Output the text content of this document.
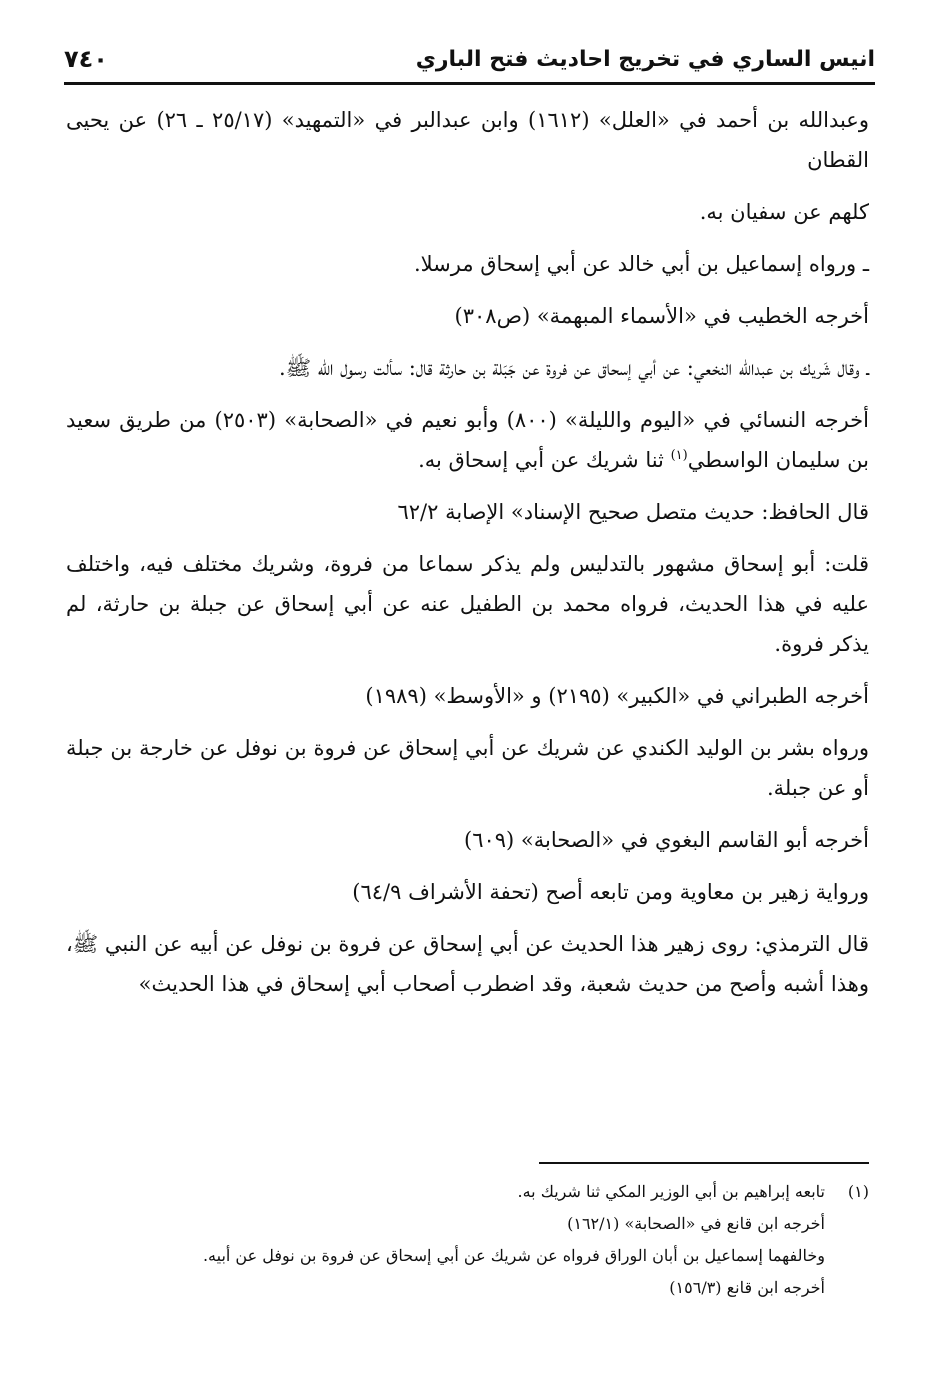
انيس الساري في تخريج احاديث فتح الباري
٧٤٠

وعبدالله بن أحمد في «العلل» (١٦١٢) وابن عبدالبر في «التمهيد» (٢٥/١٧ ـ ٢٦) عن يحيى القطان

كلهم عن سفيان به.

ـ ورواه إسماعيل بن أبي خالد عن أبي إسحاق مرسلا.

أخرجه الخطيب في «الأسماء المبهمة» (ص٣٠٨)

ـ وقال شَريك بن عبدالله النخعي: عن أبي إسحاق عن فروة عن جَبَلة بن حارثة قال: سألت رسول الله ﷺ.

أخرجه النسائي في «اليوم والليلة» (٨٠٠) وأبو نعيم في «الصحابة» (٢٥٠٣) من طريق سعيد بن سليمان الواسطي$^{(١)}$ ثنا شريك عن أبي إسحاق به.

قال الحافظ: حديث متصل صحيح الإسناد» الإصابة ٦٢/٢

قلت: أبو إسحاق مشهور بالتدليس ولم يذكر سماعا من فروة، وشريك مختلف فيه، واختلف عليه في هذا الحديث، فرواه محمد بن الطفيل عنه عن أبي إسحاق عن جبلة بن حارثة، لم يذكر فروة.

أخرجه الطبراني في «الكبير» (٢١٩٥) و «الأوسط» (١٩٨٩)

ورواه بشر بن الوليد الكندي عن شريك عن أبي إسحاق عن فروة بن نوفل عن خارجة بن جبلة أو عن جبلة.

أخرجه أبو القاسم البغوي في «الصحابة» (٦٠٩)

ورواية زهير بن معاوية ومن تابعه أصح (تحفة الأشراف ٦٤/٩)

قال الترمذي: روى زهير هذا الحديث عن أبي إسحاق عن فروة بن نوفل عن أبيه عن النبي ﷺ، وهذا أشبه وأصح من حديث شعبة، وقد اضطرب أصحاب أبي إسحاق في هذا الحديث»

(١)

تابعه إبراهيم بن أبي الوزير المكي ثنا شريك به.

أخرجه ابن قانع في «الصحابة» (١٦٢/١)

وخالفهما إسماعيل بن أبان الوراق فرواه عن شريك عن أبي إسحاق عن فروة بن نوفل عن أبيه.

أخرجه ابن قانع (١٥٦/٣)
